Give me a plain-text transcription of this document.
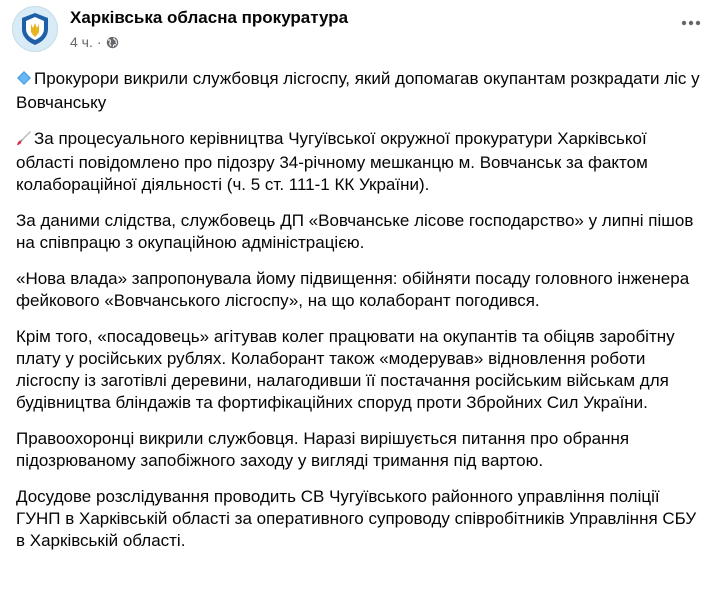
Харківська обласна прокуратура
4 ч. ·

Прокурори викрили службовця лісгоспу, який допомагав окупантам розкрадати ліс у Вовчанську

За процесуального керівництва Чугуївської окружної прокуратури Харківської області повідомлено про підозру 34-річному мешканцю м. Вовчанськ за фактом колабораційної діяльності (ч. 5 ст. 111-1 КК України).

За даними слідства, службовець ДП «Вовчанське лісове господарство» у липні пішов на співпрацю з окупаційною адміністрацією.

«Нова влада» запропонувала йому підвищення: обійняти посаду головного інженера фейкового «Вовчанського лісгоспу», на що колаборант погодився.

Крім того, «посадовець» агітував колег працювати на окупантів та обіцяв заробітну плату у російських рублях. Колаборант також «модерував» відновлення роботи лісгоспу із заготівлі деревини, налагодивши її постачання російським військам для будівництва бліндажів та фортифікаційних споруд проти Збройних Сил України.

Правоохоронці викрили службовця. Наразі вирішується питання про обрання підозрюваному запобіжного заходу у вигляді тримання під вартою.

Досудове розслідування проводить СВ Чугуївського районного управління поліції ГУНП в Харківській області за оперативного супроводу співробітників Управління СБУ в Харківській області.
